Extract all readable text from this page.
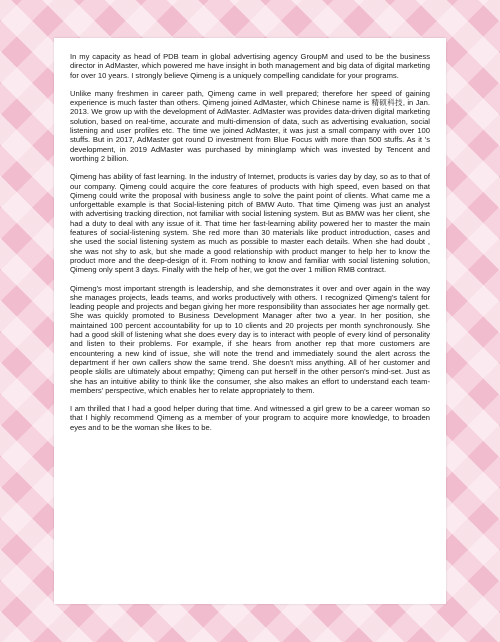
In my capacity as head of PDB team in global advertising agency GroupM and used to be the business director in AdMaster, which powered me have insight in both management and big data of digital marketing for over 10 years. I strongly believe Qimeng is a uniquely compelling candidate for your programs.

Unlike many freshmen in career path, Qimeng came in well prepared; therefore her speed of gaining experience is much faster than others. Qimeng joined AdMaster, which Chinese name is 精硕科技, in Jan. 2013. We grow up with the development of AdMaster. AdMaster was provides data-driven digital marketing solution, based on real-time, accurate and multi-dimension of data, such as advertising evaluation, social listening and user profiles etc. The time we joined AdMaster, it was just a small company with over 100 stuffs. But in 2017, AdMaster got round D investment from Blue Focus with more than 500 stuffs. As it 's development, in 2019 AdMaster was purchased by mininglamp which was invested by Tencent and worthing 2 billion.

Qimeng has ability of fast learning. In the industry of Internet, products is varies day by day, so as to that of our company. Qimeng could acquire the core features of products with high speed, even based on that Qimeng could write the proposal with business angle to solve the paint point of clients. What came me a unforgettable example is that Social-listening pitch of BMW Auto. That time Qimeng was just an analyst with advertising tracking direction, not familiar with social listening system. But as BMW was her client, she had a duty to deal with any issue of it. That time her fast-learning ability powered her to master the main features of social-listening system. She red more than 30 materials like product introduction, cases and she used the social listening system as much as possible to master each details. When she had doubt , she was not shy to ask, but she made a good relationship with product manger to help her to know the product more and the deep-design of it. From nothing to know and familiar with social listening solution, Qimeng only spent 3 days. Finally with the help of her, we got the over 1 million RMB contract.

Qimeng's most important strength is leadership, and she demonstrates it over and over again in the way she manages projects, leads teams, and works productively with others. I recognized Qimeng's talent for leading people and projects and began giving her more responsibility than associates her age normally get. She was quickly promoted to Business Development Manager after two a year. In her position, she maintained 100 percent accountability for up to 10 clients and 20 projects per month synchronously. She had a good skill of listening what she does every day is to interact with people of every kind of personality and listen to their problems. For example, if she hears from another rep that more customers are encountering a new kind of issue, she will note the trend and immediately sound the alert across the department if her own callers show the same trend. She doesn't miss anything. All of her customer and people skills are ultimately about empathy; Qimeng can put herself in the other person's mind-set. Just as she has an intuitive ability to think like the consumer, she also makes an effort to understand each team-members' perspective, which enables her to relate appropriately to them.

I am thrilled that I had a good helper during that time. And witnessed a girl grew to be a career woman so that I highly recommend Qimeng as a member of your program to acquire more knowledge, to broaden eyes and to be the woman she likes to be.
